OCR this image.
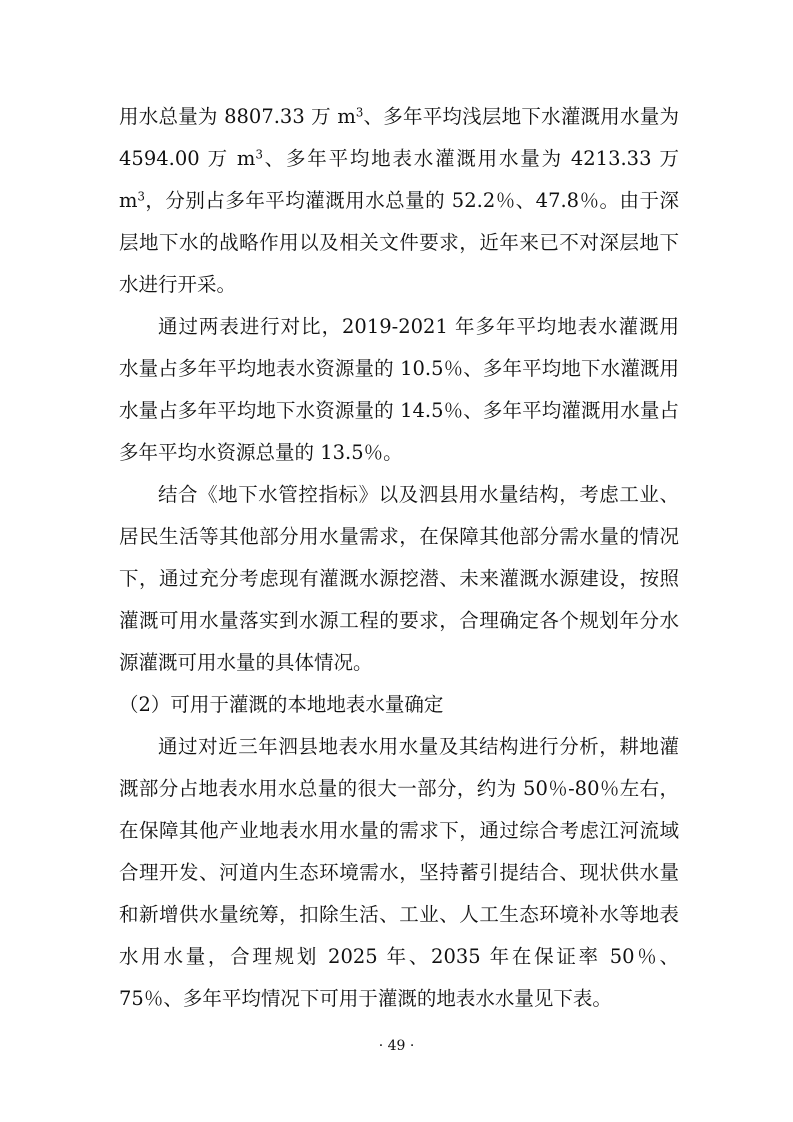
用水总量为 8807.33 万 $m^3$、多年平均浅层地下水灌溉用水量为 4594.00 万 $m^3$、多年平均地表水灌溉用水量为 4213.33 万 $m^3$，分别占多年平均灌溉用水总量的 52.2％、47.8％。由于深层地下水的战略作用以及相关文件要求，近年来已不对深层地下水进行开采。

通过两表进行对比，2019-2021 年多年平均地表水灌溉用水量占多年平均地表水资源量的 10.5％、多年平均地下水灌溉用水量占多年平均地下水资源量的 14.5％、多年平均灌溉用水量占多年平均水资源总量的 13.5％。

结合《地下水管控指标》以及泗县用水量结构，考虑工业、居民生活等其他部分用水量需求，在保障其他部分需水量的情况下，通过充分考虑现有灌溉水源挖潜、未来灌溉水源建设，按照灌溉可用水量落实到水源工程的要求，合理确定各个规划年分水源灌溉可用水量的具体情况。

（2）可用于灌溉的本地地表水量确定

通过对近三年泗县地表水用水量及其结构进行分析，耕地灌溉部分占地表水用水总量的很大一部分，约为 50％-80％左右，在保障其他产业地表水用水量的需求下，通过综合考虑江河流域合理开发、河道内生态环境需水，坚持蓄引提结合、现状供水量和新增供水量统筹，扣除生活、工业、人工生态环境补水等地表水用水量，合理规划 2025 年、2035 年在保证率 50％、75％、多年平均情况下可用于灌溉的地表水水量见下表。

· 49 ·
